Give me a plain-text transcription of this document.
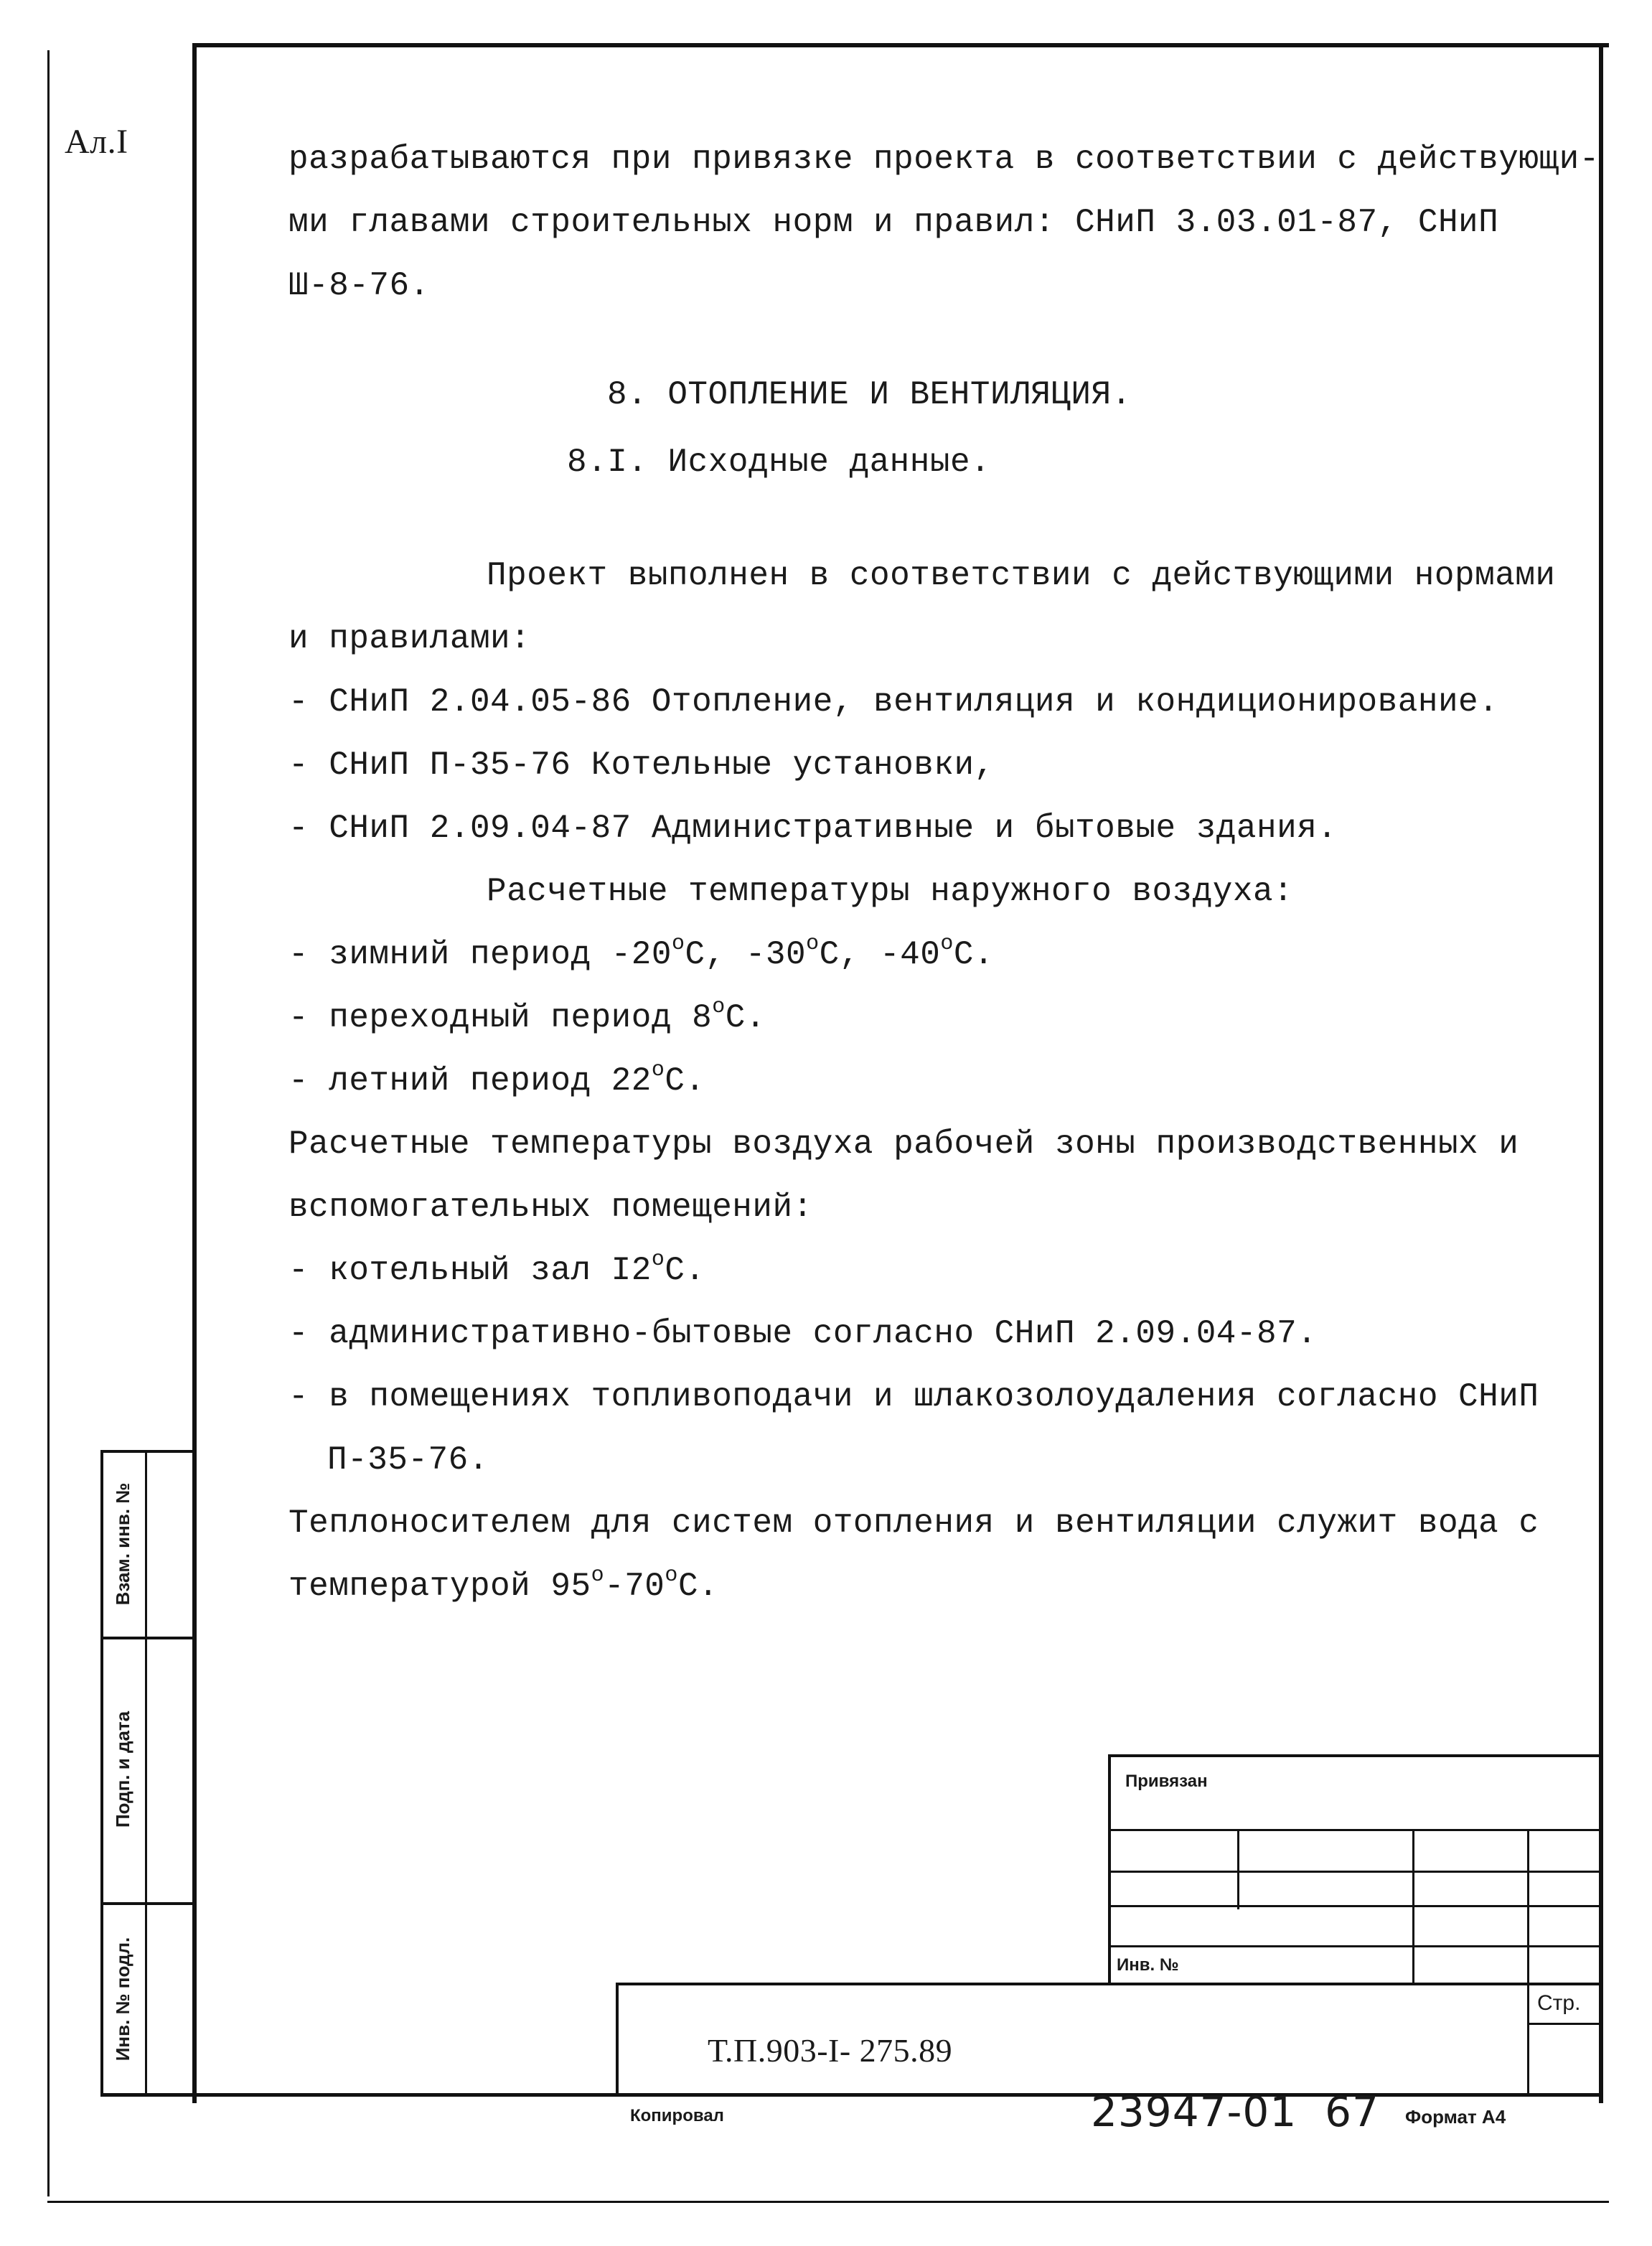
Ал.I	разрабатываются при привязке проекта в соответствии с действующи-
ми главами строительных норм и правил: СНиП 3.03.01-87, СНиП
Ш-8-76.
8. ОТОПЛЕНИЕ И ВЕНТИЛЯЦИЯ.
8.I. Исходные данные.
Проект выполнен в соответствии с действующими нормами
и правилами:
- СНиП 2.04.05-86 Отопление, вентиляция и кондиционирование.
- СНиП П-35-76 Котельные установки,
- СНиП 2.09.04-87 Административные и бытовые здания.
Расчетные температуры наружного воздуха:
- зимний период $-20^оС$, $-30^оС$, $-40^оС$.
- переходный период $8^оС$.
- летний период $22^оС$.
Расчетные температуры воздуха рабочей зоны производственных и
вспомогательных помещений:
- котельный зал $I2^оС$.
- административно-бытовые согласно СНиП 2.09.04-87.
- в помещениях топливоподачи и шлакозолоудаления согласно СНиП
П-35-76.
Теплоносителем для систем отопления и вентиляции служит вода с
температурой $95^о-70^оС$.
Взам. инв. №
Подп. и дата
Инв. № подл.
Привязан
Инв. №
Стр.
Т.П.903-I- 275.89
Копировал	23947-01  67 Формат А4
